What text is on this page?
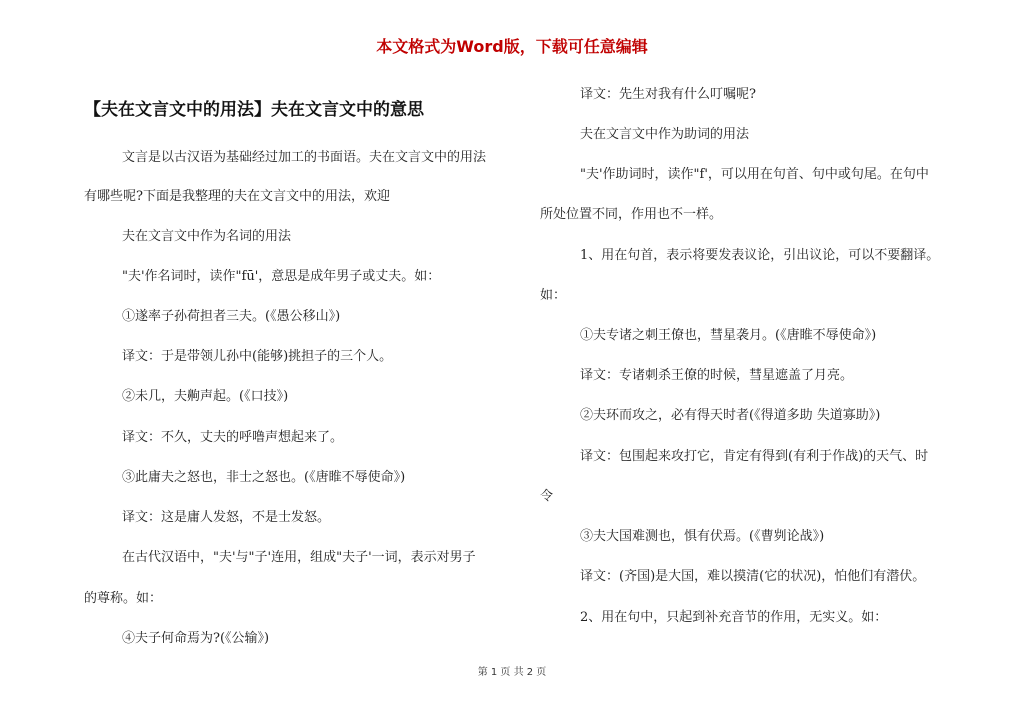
本文格式为Word版，下载可任意编辑
【夫在文言文中的用法】夫在文言文中的意思
文言是以古汉语为基础经过加工的书面语。夫在文言文中的用法
有哪些呢?下面是我整理的夫在文言文中的用法，欢迎
夫在文言文中作为名词的用法
"夫'作名词时，读作"fū'，意思是成年男子或丈夫。如：
①遂率子孙荷担者三夫。(《愚公移山》)
译文：于是带领儿孙中(能够)挑担子的三个人。
②未几，夫齁声起。(《口技》)
译文：不久，丈夫的呼噜声想起来了。
③此庸夫之怒也，非士之怒也。(《唐睢不辱使命》)
译文：这是庸人发怒，不是士发怒。
在古代汉语中，"夫'与"子'连用，组成"夫子'一词，表示对男子
的尊称。如：
④夫子何命焉为?(《公输》)
译文：先生对我有什么叮嘱呢?
夫在文言文中作为助词的用法
"夫'作助词时，读作"f'，可以用在句首、句中或句尾。在句中
所处位置不同，作用也不一样。
1、用在句首，表示将要发表议论，引出议论，可以不要翻译。
如：
①夫专诸之刺王僚也，彗星袭月。(《唐睢不辱使命》)
译文：专诸刺杀王僚的时候，彗星遮盖了月亮。
②夫环而攻之，必有得天时者(《得道多助 失道寡助》)
译文：包围起来攻打它，肯定有得到(有利于作战)的天气、时
令
③夫大国难测也，惧有伏焉。(《曹刿论战》)
译文：(齐国)是大国，难以摸清(它的状况)，怕他们有潜伏。
2、用在句中，只起到补充音节的作用，无实义。如：
第 1 页 共 2 页
